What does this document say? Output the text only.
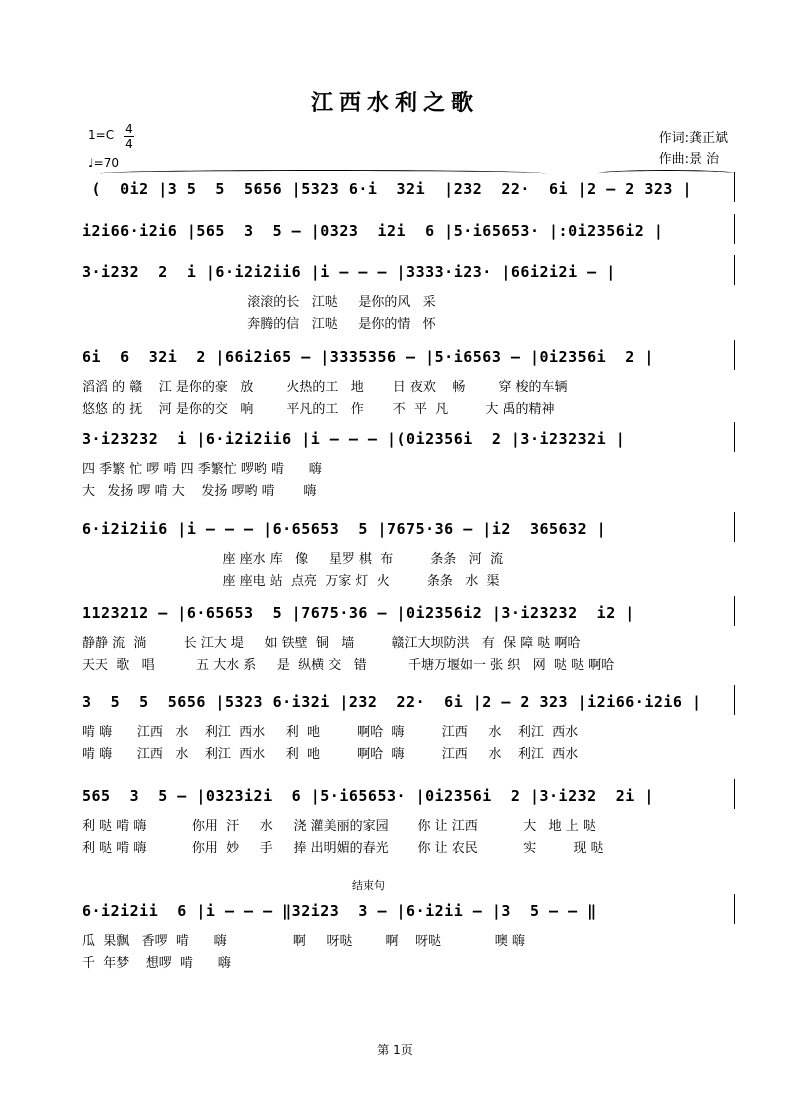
江西水利之歌
1=C 4
4
♩=70
作词:龚正斌
作曲:景 治
结束句
(  0i2 |3 5  5  5656 |5323 6·i  32i  |232  22·  6i |2 — 2 323 |
i2i66·i2i6 |565  3  5 — |0323  i2i  6 |5·i65653· |:0i2356i2 |
3·i232  2  i |6·i2i2ii6 |i — — — |3333·i23· |66i2i2i — |
滚滚的长   江哒     是你的风   采
奔腾的信   江哒     是你的情   怀
6i  6  32i  2 |66i2i65 — |3335356 — |5·i6563 — |0i2356i  2 |
滔滔 的 赣    江 是你的豪   放        火热的工   地       日 夜欢    畅        穿 梭的车辆
悠悠 的 抚    河 是你的交   响        平凡的工   作       不  平  凡         大 禹的精神
3·i23232  i |6·i2i2ii6 |i — — — |(0i2356i  2 |3·i23232i |
四 季繁 忙 啰 啃 四 季繁忙 啰哟 啃      嗨
大   发扬 啰 啃 大    发扬 啰哟 啃       嗨
6·i2i2ii6 |i — — — |6·65653  5 |7675·36 — |i2  365632 |
座 座水 库   像     星罗 棋  布         条条   河  流
座 座电 站  点亮  万家 灯  火         条条   水  渠
1123212 — |6·65653  5 |7675·36 — |0i2356i2 |3·i23232  i2 |
静静 流  淌         长 江大 堤     如 铁壁  铜   墙         赣江大坝防洪   有  保 障 哒 啊哈
天天  歌   唱          五 大水 系     是  纵横 交   错          千塘万堰如一 张 织   网  哒 哒 啊哈
3  5  5  5656 |5323 6·i32i |232  22·  6i |2 — 2 323 |i2i66·i2i6 |
啃 嗨      江西   水    利江  西水     利  吔         啊哈  嗨         江西     水    利江  西水
啃 嗨      江西   水    利江  西水     利  吔         啊哈  嗨         江西     水    利江  西水
565  3  5 — |0323i2i  6 |5·i65653· |0i2356i  2 |3·i232  2i |
利 哒 啃 嗨           你用  汗     水     浇 灌美丽的家园       你 让 江西           大   地 上 哒
利 哒 啃 嗨           你用  妙     手     捧 出明媚的春光       你 让 农民           实         现 哒
6·i2i2ii  6 |i — — — ‖32i23  3 — |6·i2ii — |3  5 — — ‖
瓜  果飘   香啰  啃      嗨                啊     呀哒        啊    呀哒             噢 嗨
千  年梦    想啰  啃      嗨
第 1页
